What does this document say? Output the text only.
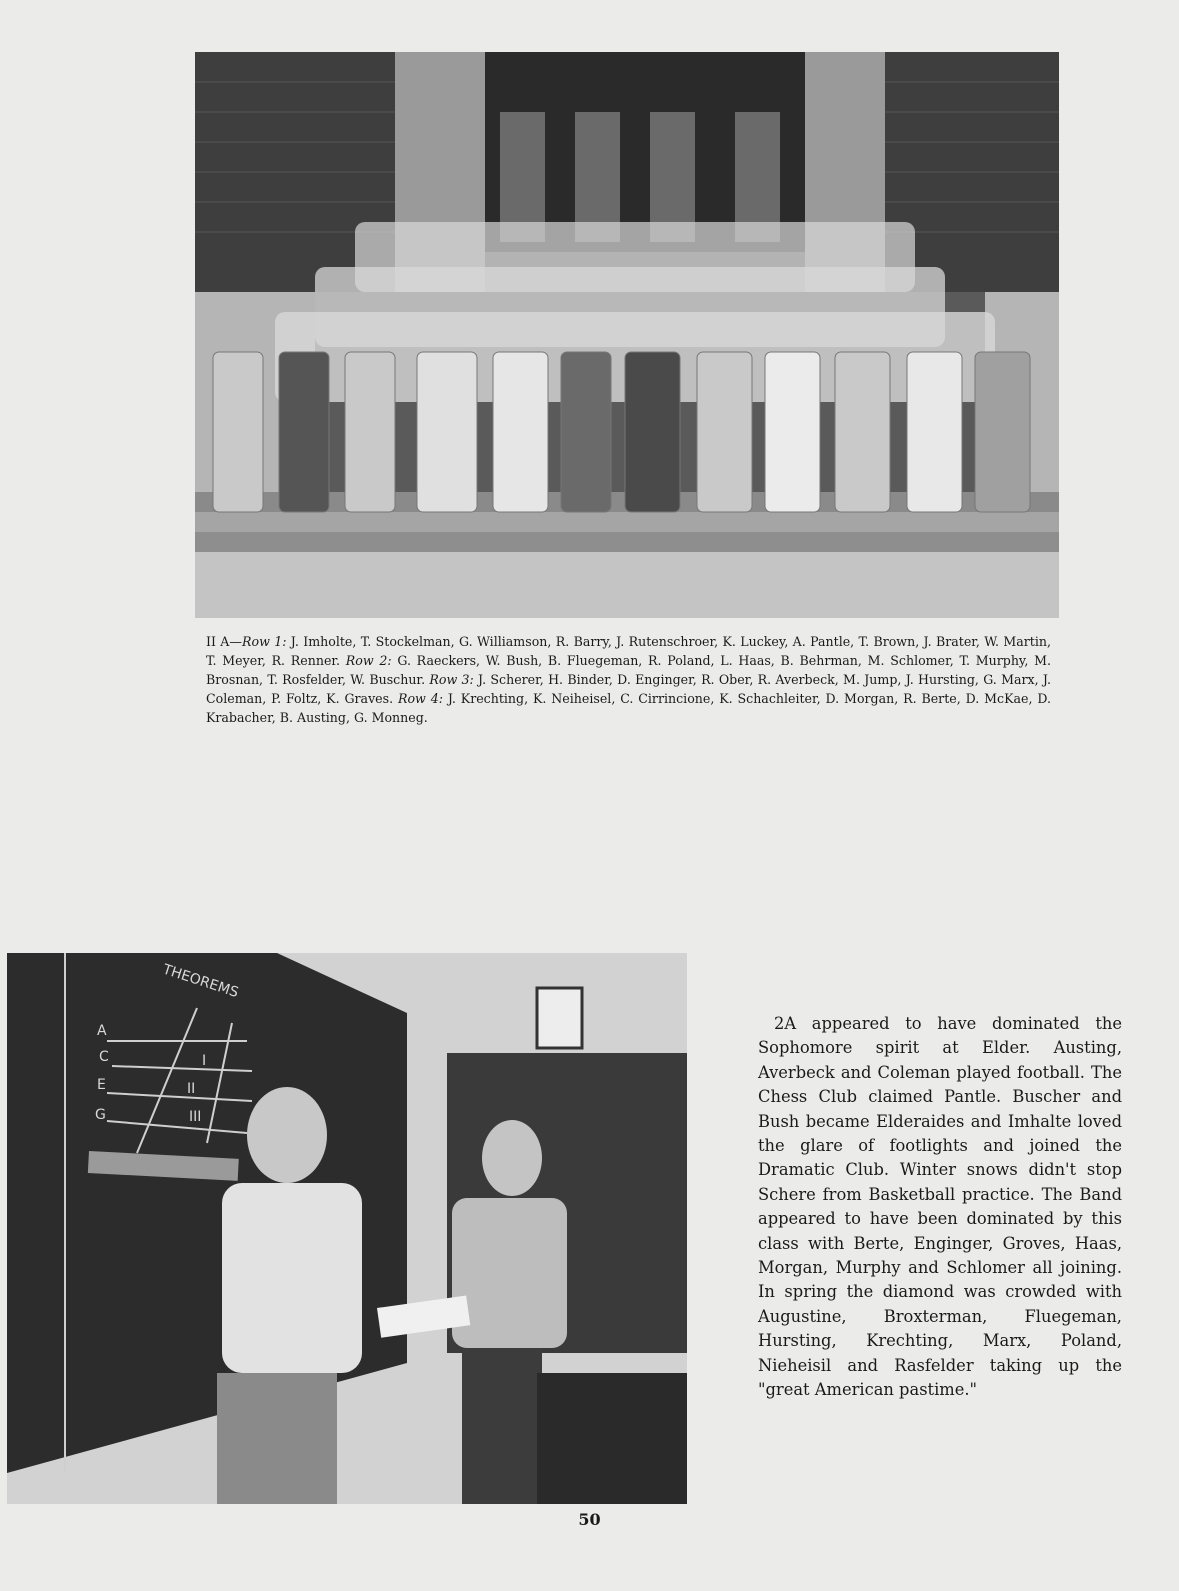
II A—Row 1: J. Imholte, T. Stockelman, G. Williamson, R. Barry, J. Rutenschroer, K. Luckey, A. Pantle, T. Brown, J. Brater, W. Martin, T. Meyer, R. Renner. Row 2: G. Raeckers, W. Bush, B. Fluegeman, R. Poland, L. Haas, B. Behrman, M. Schlomer, T. Murphy, M. Brosnan, T. Rosfelder, W. Buschur. Row 3: J. Scherer, H. Binder, D. Enginger, R. Ober, R. Averbeck, M. Jump, J. Hursting, G. Marx, J. Coleman, P. Foltz, K. Graves. Row 4: J. Krechting, K. Neiheisel, C. Cirrincione, K. Schachleiter, D. Morgan, R. Berte, D. McKae, D. Krabacher, B. Austing, G. Monneg.
THEOREMS
A
C
E
G
I
II
III
2A appeared to have dominated the Sophomore spirit at Elder. Austing, Averbeck and Coleman played football. The Chess Club claimed Pantle. Buscher and Bush became Elderaides and Imhalte loved the glare of footlights and joined the Dramatic Club. Winter snows didn't stop Schere from Basketball practice. The Band appeared to have been dominated by this class with Berte, Enginger, Groves, Haas, Morgan, Murphy and Schlomer all joining. In spring the diamond was crowded with Augustine, Broxterman, Fluegeman, Hursting, Krechting, Marx, Poland, Nieheisil and Rasfelder taking up the "great American pastime."
50
